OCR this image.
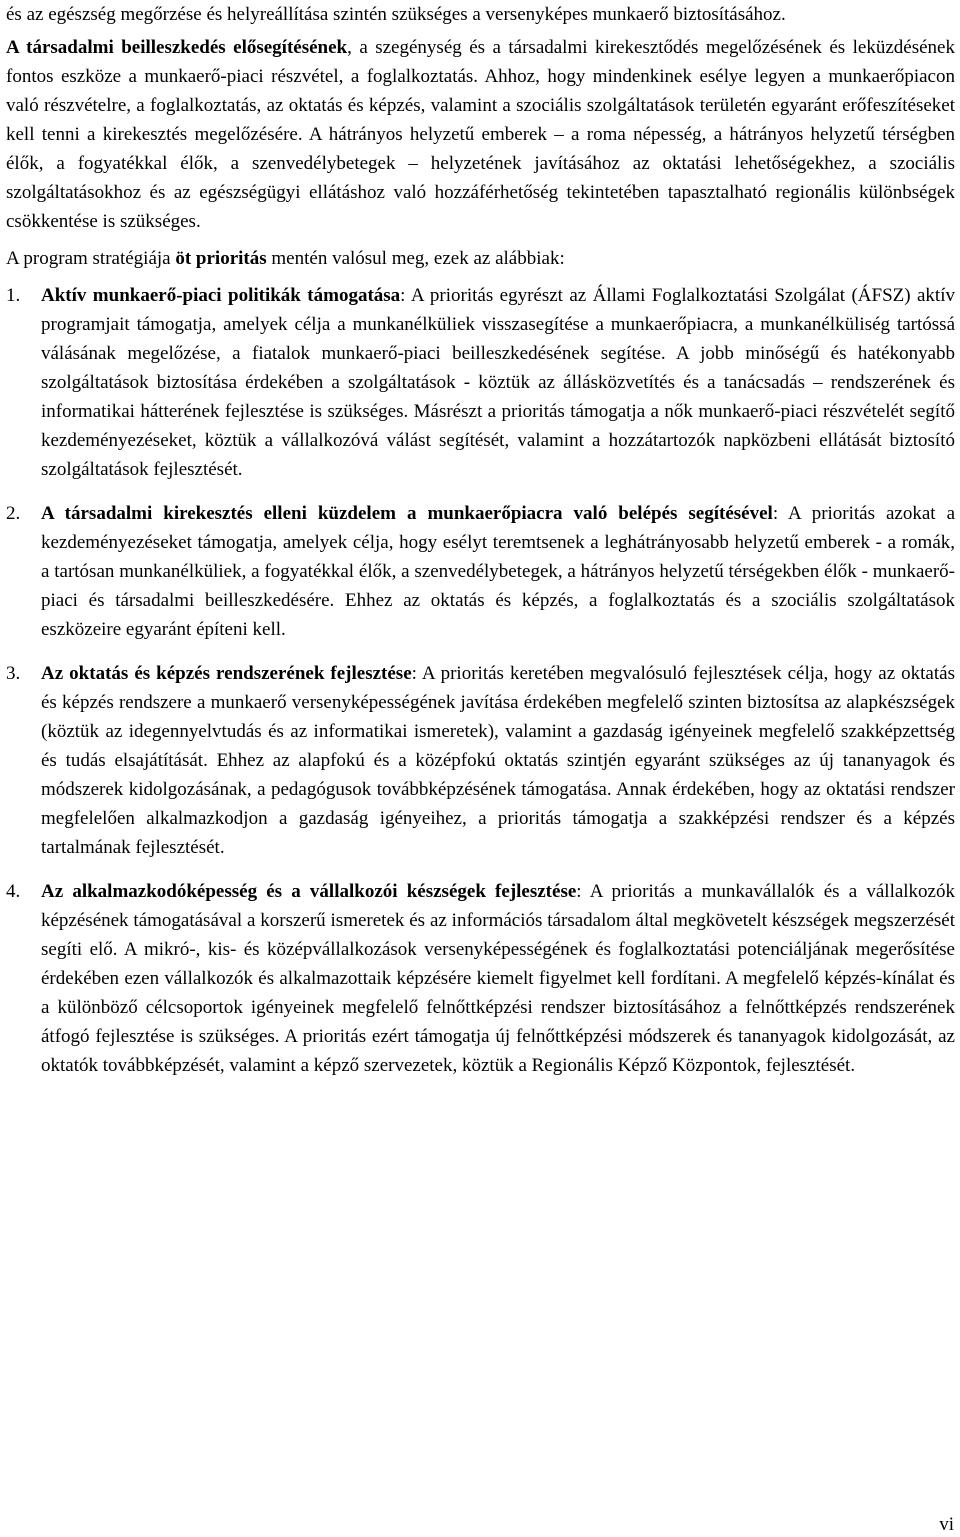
és az egészség megőrzése és helyreállítása szintén szükséges a versenyképes munkaerő biztosításához.

A társadalmi beilleszkedés elősegítésének, a szegénység és a társadalmi kirekesztődés megelőzésének és leküzdésének fontos eszköze a munkaerő-piaci részvétel, a foglalkoztatás. Ahhoz, hogy mindenkinek esélye legyen a munkaerőpiacon való részvételre, a foglalkoztatás, az oktatás és képzés, valamint a szociális szolgáltatások területén egyaránt erőfeszítéseket kell tenni a kirekesztés megelőzésére. A hátrányos helyzetű emberek – a roma népesség, a hátrányos helyzetű térségben élők, a fogyatékkal élők, a szenvedélybetegek – helyzetének javításához az oktatási lehetőségekhez, a szociális szolgáltatásokhoz és az egészségügyi ellátáshoz való hozzáférhetőség tekintetében tapasztalható regionális különbségek csökkentése is szükséges.

A program stratégiája öt prioritás mentén valósul meg, ezek az alábbiak:

1. Aktív munkaerő-piaci politikák támogatása: A prioritás egyrészt az Állami Foglalkoztatási Szolgálat (ÁFSZ) aktív programjait támogatja, amelyek célja a munkanélküliek visszasegítése a munkaerőpiacra, a munkanélküliség tartóssá válásának megelőzése, a fiatalok munkaerő-piaci beilleszkedésének segítése. A jobb minőségű és hatékonyabb szolgáltatások biztosítása érdekében a szolgáltatások - köztük az állásközvetítés és a tanácsadás – rendszerének és informatikai hátterének fejlesztése is szükséges. Másrészt a prioritás támogatja a nők munkaerő-piaci részvételét segítő kezdeményezéseket, köztük a vállalkozóvá válást segítését, valamint a hozzátartozók napközbeni ellátását biztosító szolgáltatások fejlesztését.
2. A társadalmi kirekesztés elleni küzdelem a munkaerőpiacra való belépés segítésével: A prioritás azokat a kezdeményezéseket támogatja, amelyek célja, hogy esélyt teremtsenek a leghátrányosabb helyzetű emberek - a romák, a tartósan munkanélküliek, a fogyatékkal élők, a szenvedélybetegek, a hátrányos helyzetű térségekben élők - munkaerő-piaci és társadalmi beilleszkedésére. Ehhez az oktatás és képzés, a foglalkoztatás és a szociális szolgáltatások eszközeire egyaránt építeni kell.
3. Az oktatás és képzés rendszerének fejlesztése: A prioritás keretében megvalósuló fejlesztések célja, hogy az oktatás és képzés rendszere a munkaerő versenyképességének javítása érdekében megfelelő szinten biztosítsa az alapkészségek (köztük az idegennyelvtudás és az informatikai ismeretek), valamint a gazdaság igényeinek megfelelő szakképzettség és tudás elsajátítását. Ehhez az alapfokú és a középfokú oktatás szintjén egyaránt szükséges az új tananyagok és módszerek kidolgozásának, a pedagógusok továbbképzésének támogatása. Annak érdekében, hogy az oktatási rendszer megfelelően alkalmazkodjon a gazdaság igényeihez, a prioritás támogatja a szakképzési rendszer és a képzés tartalmának fejlesztését.
4. Az alkalmazkodóképesség és a vállalkozói készségek fejlesztése: A prioritás a munkavállalók és a vállalkozók képzésének támogatásával a korszerű ismeretek és az információs társadalom által megkövetelt készségek megszerzését segíti elő. A mikró-, kis- és középvállalkozások versenyképességének és foglalkoztatási potenciáljának megerősítése érdekében ezen vállalkozók és alkalmazottaik képzésére kiemelt figyelmet kell fordítani. A megfelelő képzés-kínálat és a különböző célcsoportok igényeinek megfelelő felnőttképzési rendszer biztosításához a felnőttképzés rendszerének átfogó fejlesztése is szükséges. A prioritás ezért támogatja új felnőttképzési módszerek és tananyagok kidolgozását, az oktatók továbbképzését, valamint a képző szervezetek, köztük a Regionális Képző Központok, fejlesztését.
vi
